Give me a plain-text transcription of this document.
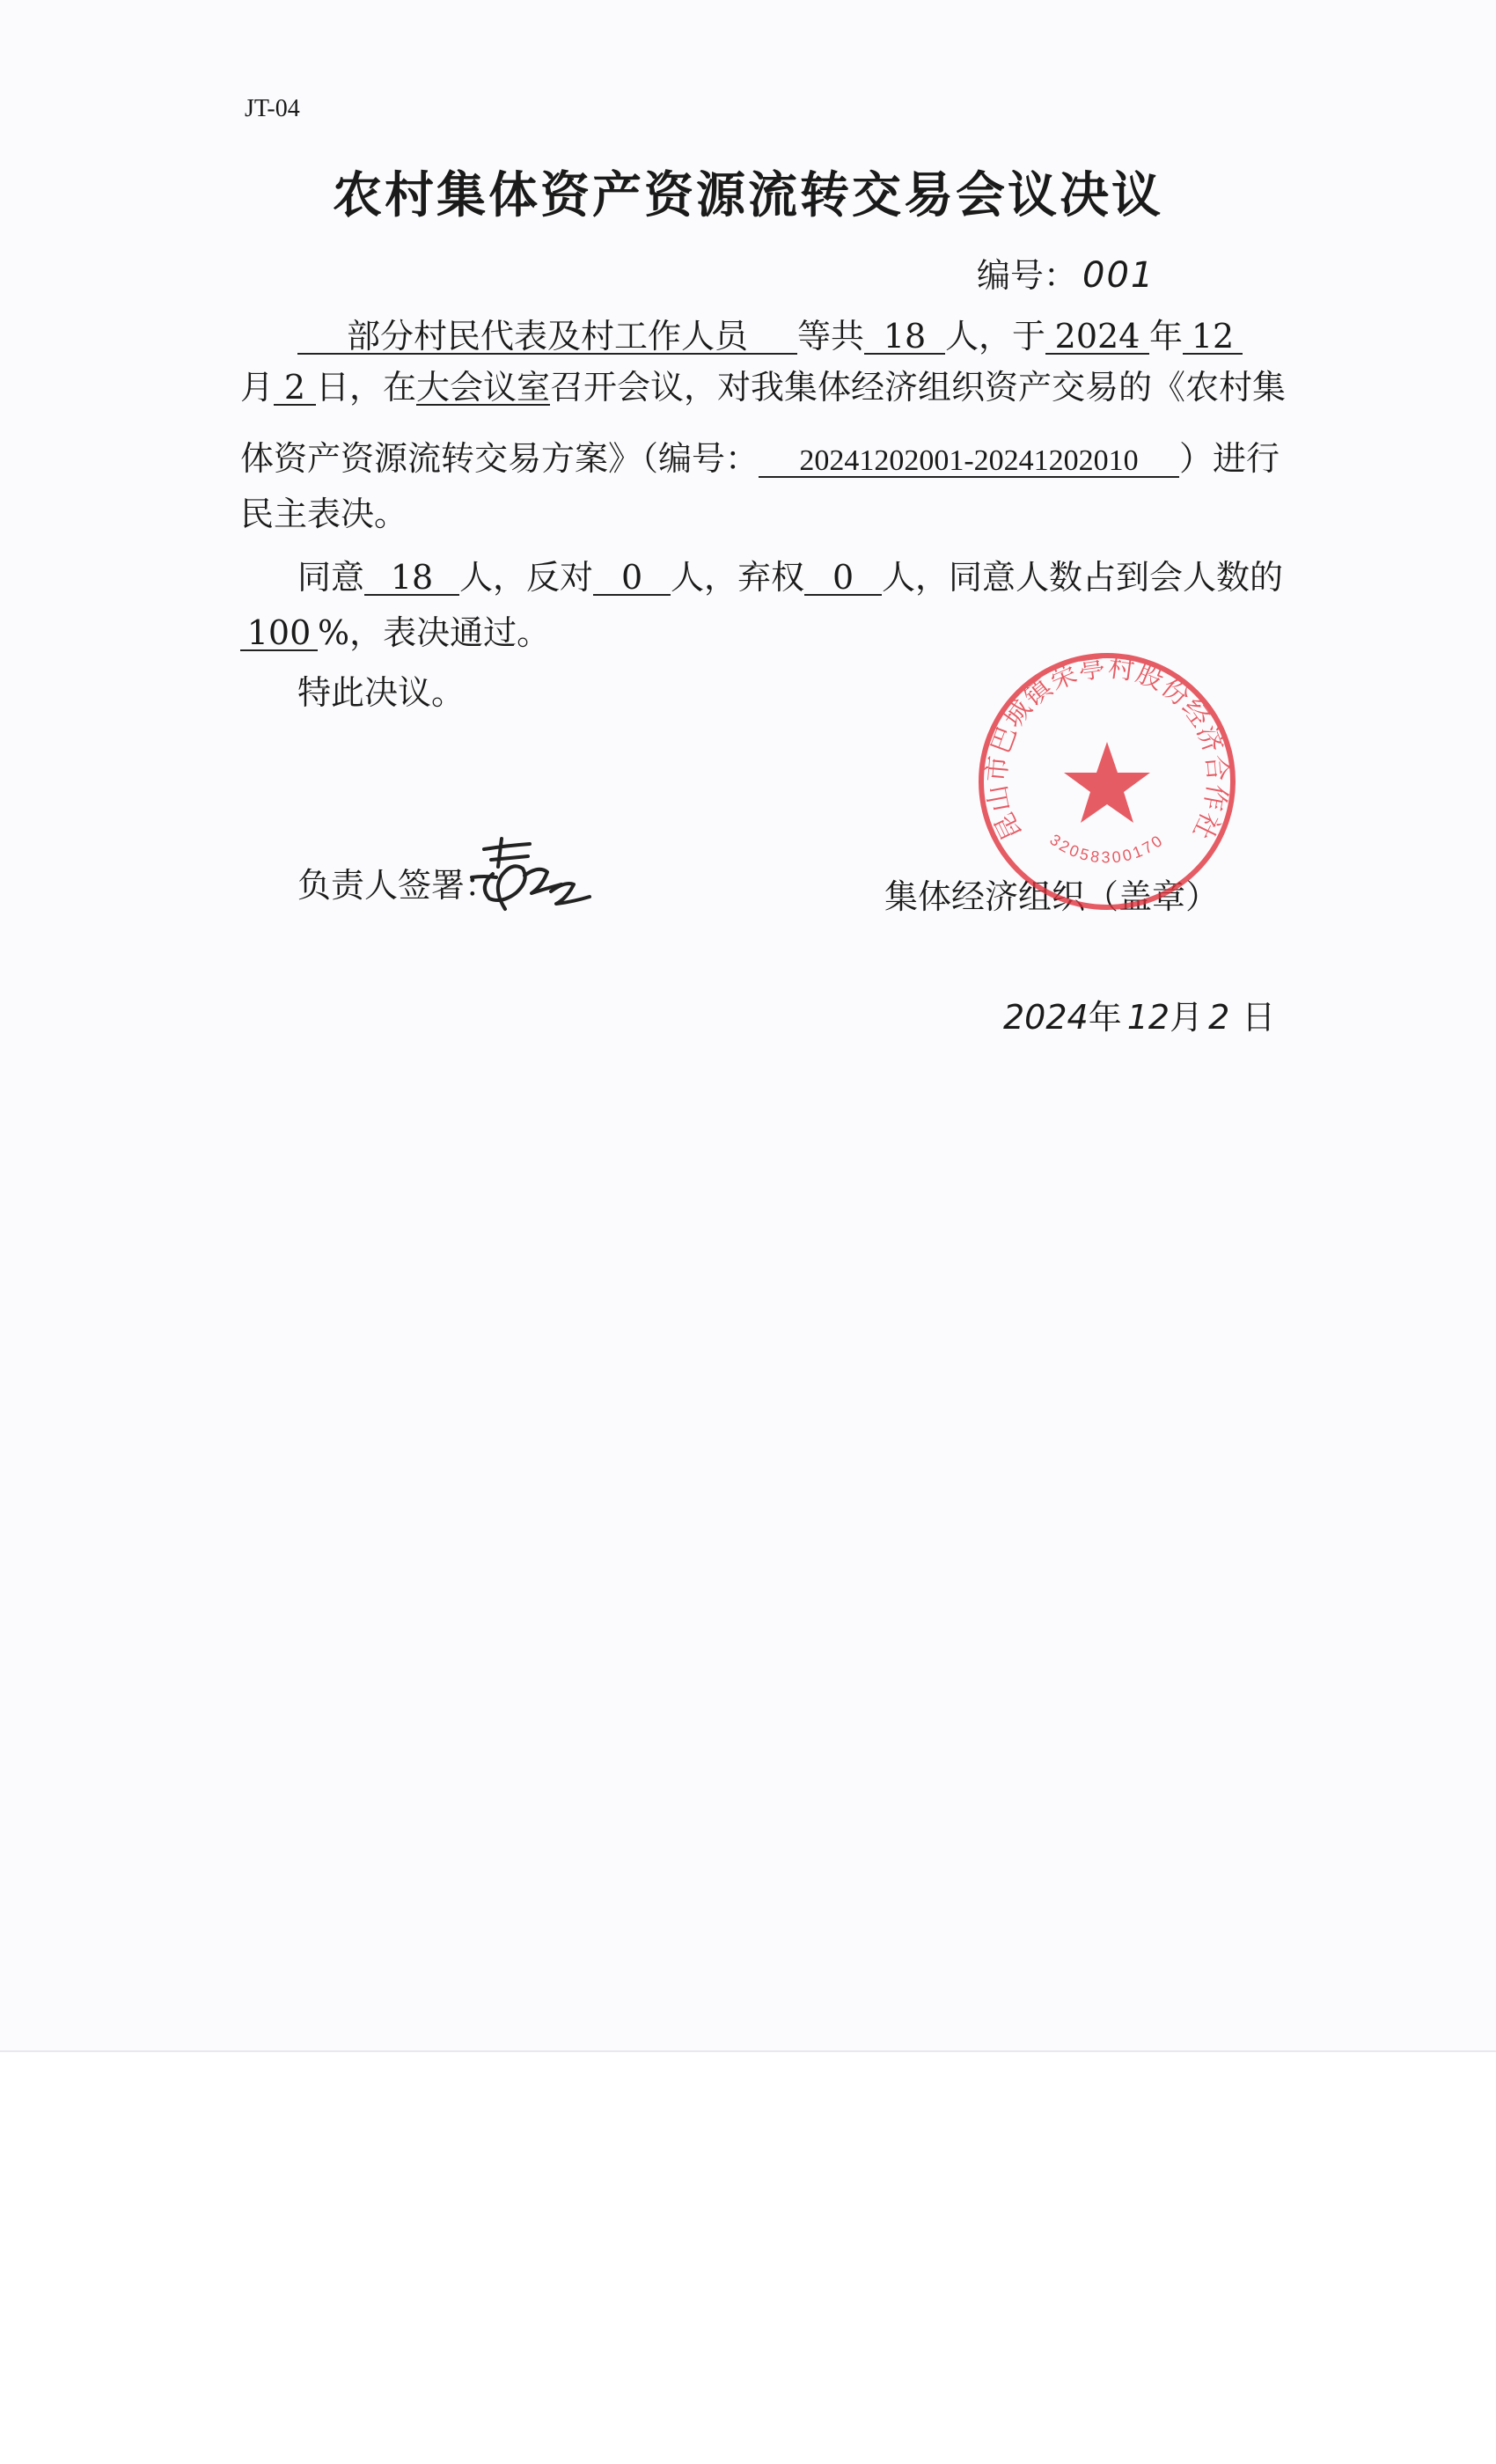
JT-04
农村集体资产资源流转交易会议决议
编号： 001
部分村民代表及村工作人员 等共 18 人，于 2024 年 12
月 2 日，在大会议室召开会议，对我集体经济组织资产交易的《农村集
体资产资源流转交易方案》（编号： 20241202001-20241202010 ）进行
民主表决。
同意 18 人，反对 0 人，弃权 0 人，同意人数占到会人数的
100 %，表决通过。
特此决议。
负责人签署：	集体经济组织（盖章）
昆山市巴城镇荣亭村股份经济合作社
32058300170
2024年 12月 2 日
